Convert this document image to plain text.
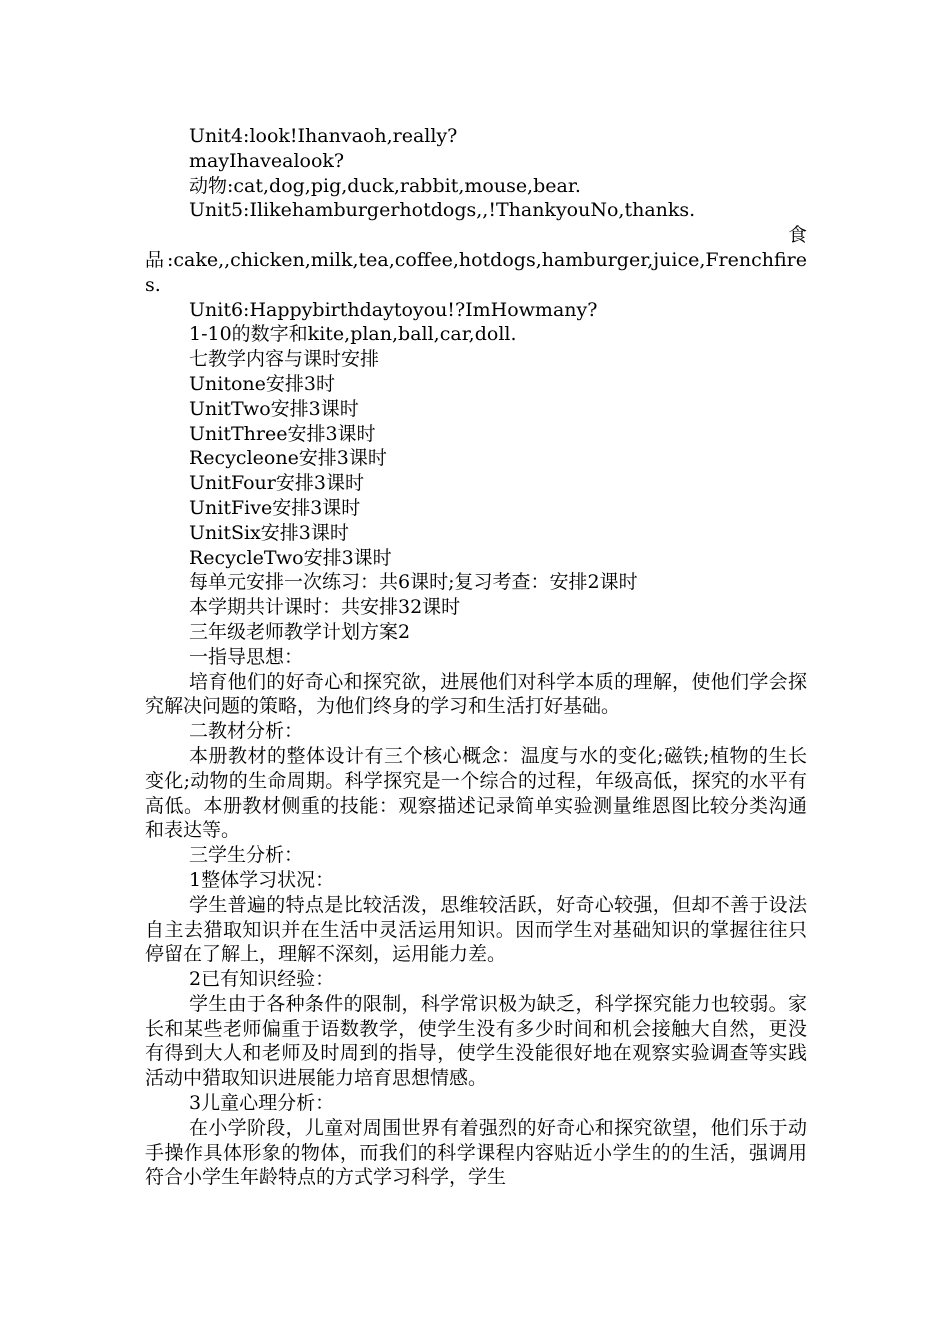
Unit4:look!Ihanvaoh,really?

mayIhavealook?

动物:cat,dog,pig,duck,rabbit,mouse,bear.

Unit5:Ilikehamburgerhotdogs,,!ThankyouNo,thanks.

食

品:cake,,chicken,milk,tea,coffee,hotdogs,hamburger,juice,Frenchfires.

Unit6:Happybirthdaytoyou!?ImHowmany?

1-10的数字和kite,plan,ball,car,doll.

七教学内容与课时安排

Unitone安排3时

UnitTwo安排3课时

UnitThree安排3课时

Recycleone安排3课时

UnitFour安排3课时

UnitFive安排3课时

UnitSix安排3课时

RecycleTwo安排3课时

每单元安排一次练习：共6课时;复习考查：安排2课时

本学期共计课时：共安排32课时

三年级老师教学计划方案2

一指导思想：

培育他们的好奇心和探究欲，进展他们对科学本质的理解，使他们学会探究解决问题的策略，为他们终身的学习和生活打好基础。

二教材分析：

本册教材的整体设计有三个核心概念：温度与水的变化;磁铁;植物的生长变化;动物的生命周期。科学探究是一个综合的过程，年级高低，探究的水平有高低。本册教材侧重的技能：观察描述记录简单实验测量维恩图比较分类沟通和表达等。

三学生分析：

1整体学习状况：

学生普遍的特点是比较活泼，思维较活跃，好奇心较强，但却不善于设法自主去猎取知识并在生活中灵活运用知识。因而学生对基础知识的掌握往往只停留在了解上，理解不深刻，运用能力差。

2已有知识经验：

学生由于各种条件的限制，科学常识极为缺乏，科学探究能力也较弱。家长和某些老师偏重于语数教学，使学生没有多少时间和机会接触大自然，更没有得到大人和老师及时周到的指导，使学生没能很好地在观察实验调查等实践活动中猎取知识进展能力培育思想情感。

3儿童心理分析：

在小学阶段，儿童对周围世界有着强烈的好奇心和探究欲望，他们乐于动手操作具体形象的物体，而我们的科学课程内容贴近小学生的的生活，强调用符合小学生年龄特点的方式学习科学，学生
